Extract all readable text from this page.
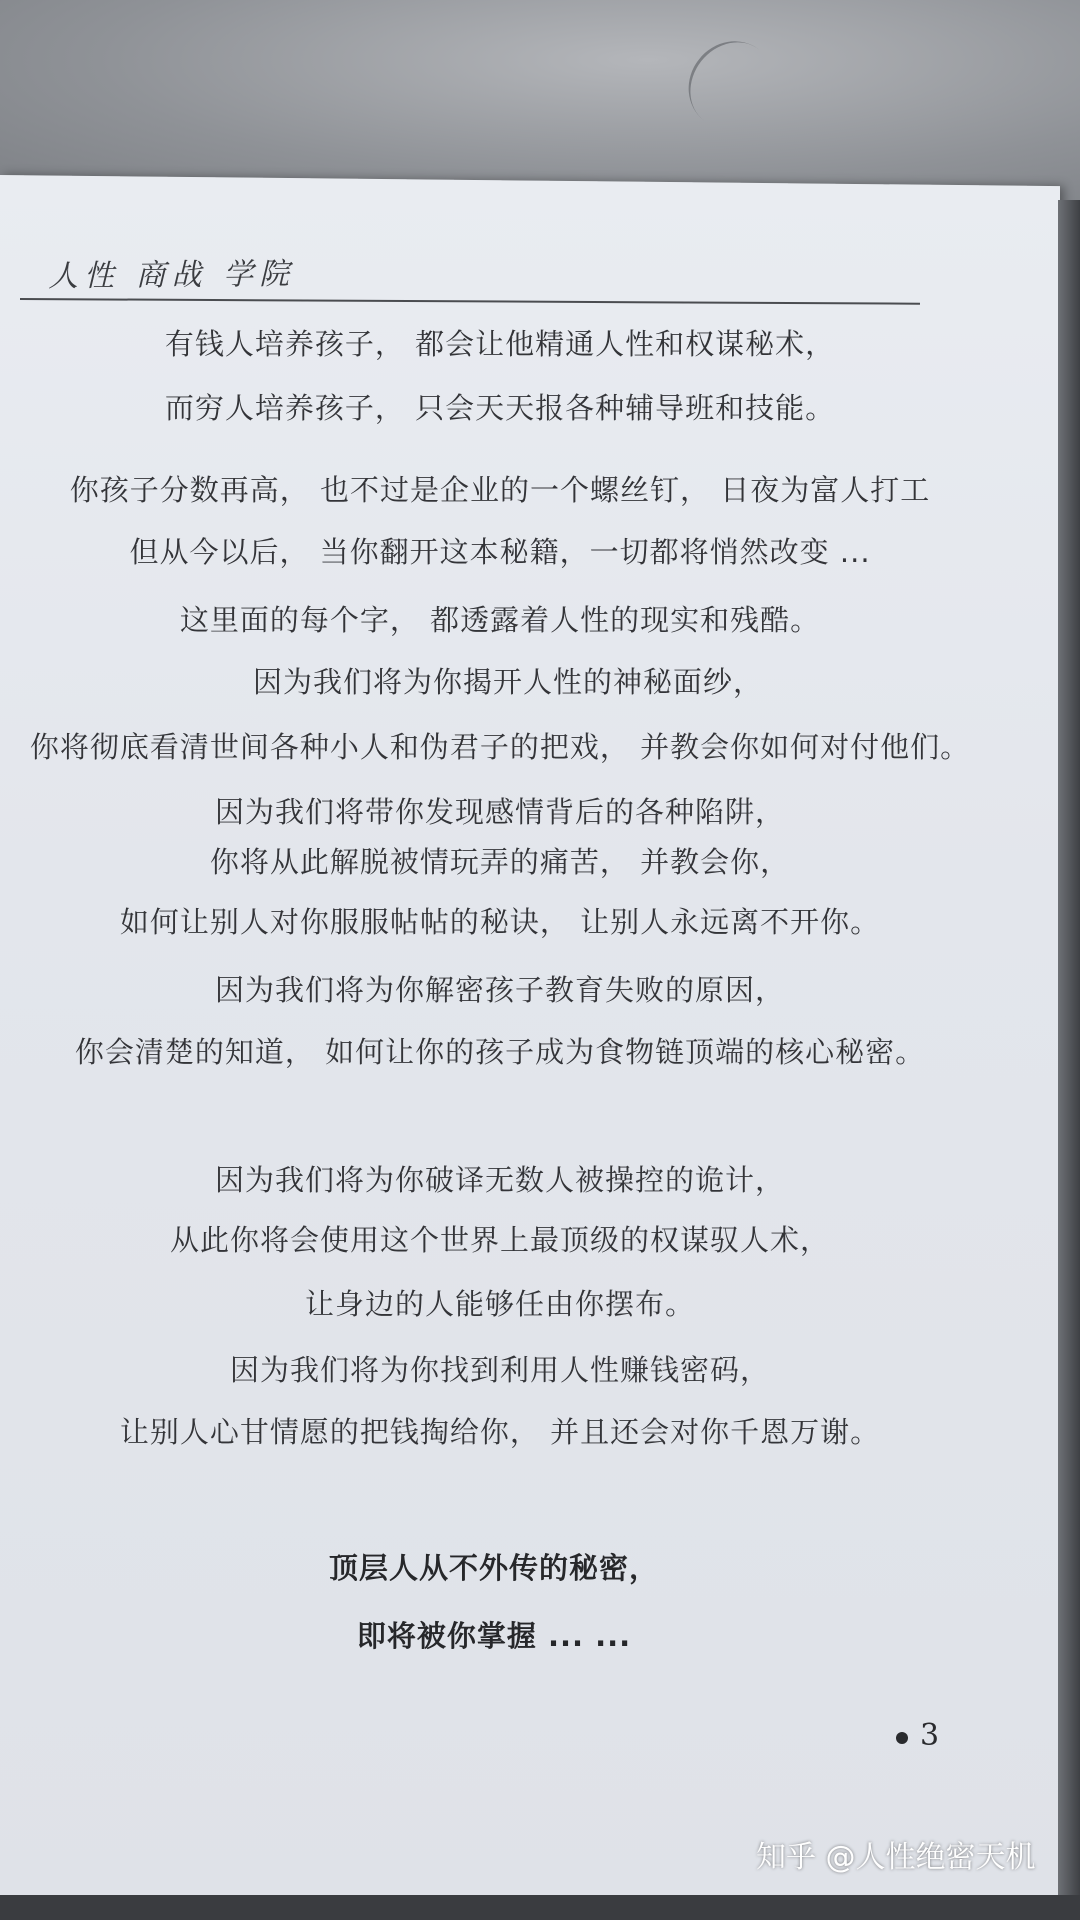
人性 商战 学院
有钱人培养孩子， 都会让他精通人性和权谋秘术，
而穷人培养孩子， 只会天天报各种辅导班和技能。
你孩子分数再高， 也不过是企业的一个螺丝钉， 日夜为富人打工
但从今以后， 当你翻开这本秘籍，一切都将悄然改变 ...
这里面的每个字， 都透露着人性的现实和残酷。
因为我们将为你揭开人性的神秘面纱，
你将彻底看清世间各种小人和伪君子的把戏， 并教会你如何对付他们。
因为我们将带你发现感情背后的各种陷阱，
你将从此解脱被情玩弄的痛苦， 并教会你，
如何让别人对你服服帖帖的秘诀， 让别人永远离不开你。
因为我们将为你解密孩子教育失败的原因，
你会清楚的知道， 如何让你的孩子成为食物链顶端的核心秘密。
因为我们将为你破译无数人被操控的诡计，
从此你将会使用这个世界上最顶级的权谋驭人术，
让身边的人能够任由你摆布。
因为我们将为你找到利用人性赚钱密码，
让别人心甘情愿的把钱掏给你， 并且还会对你千恩万谢。
顶层人从不外传的秘密，
即将被你掌握 ... ...
3
知乎 @人性绝密天机
